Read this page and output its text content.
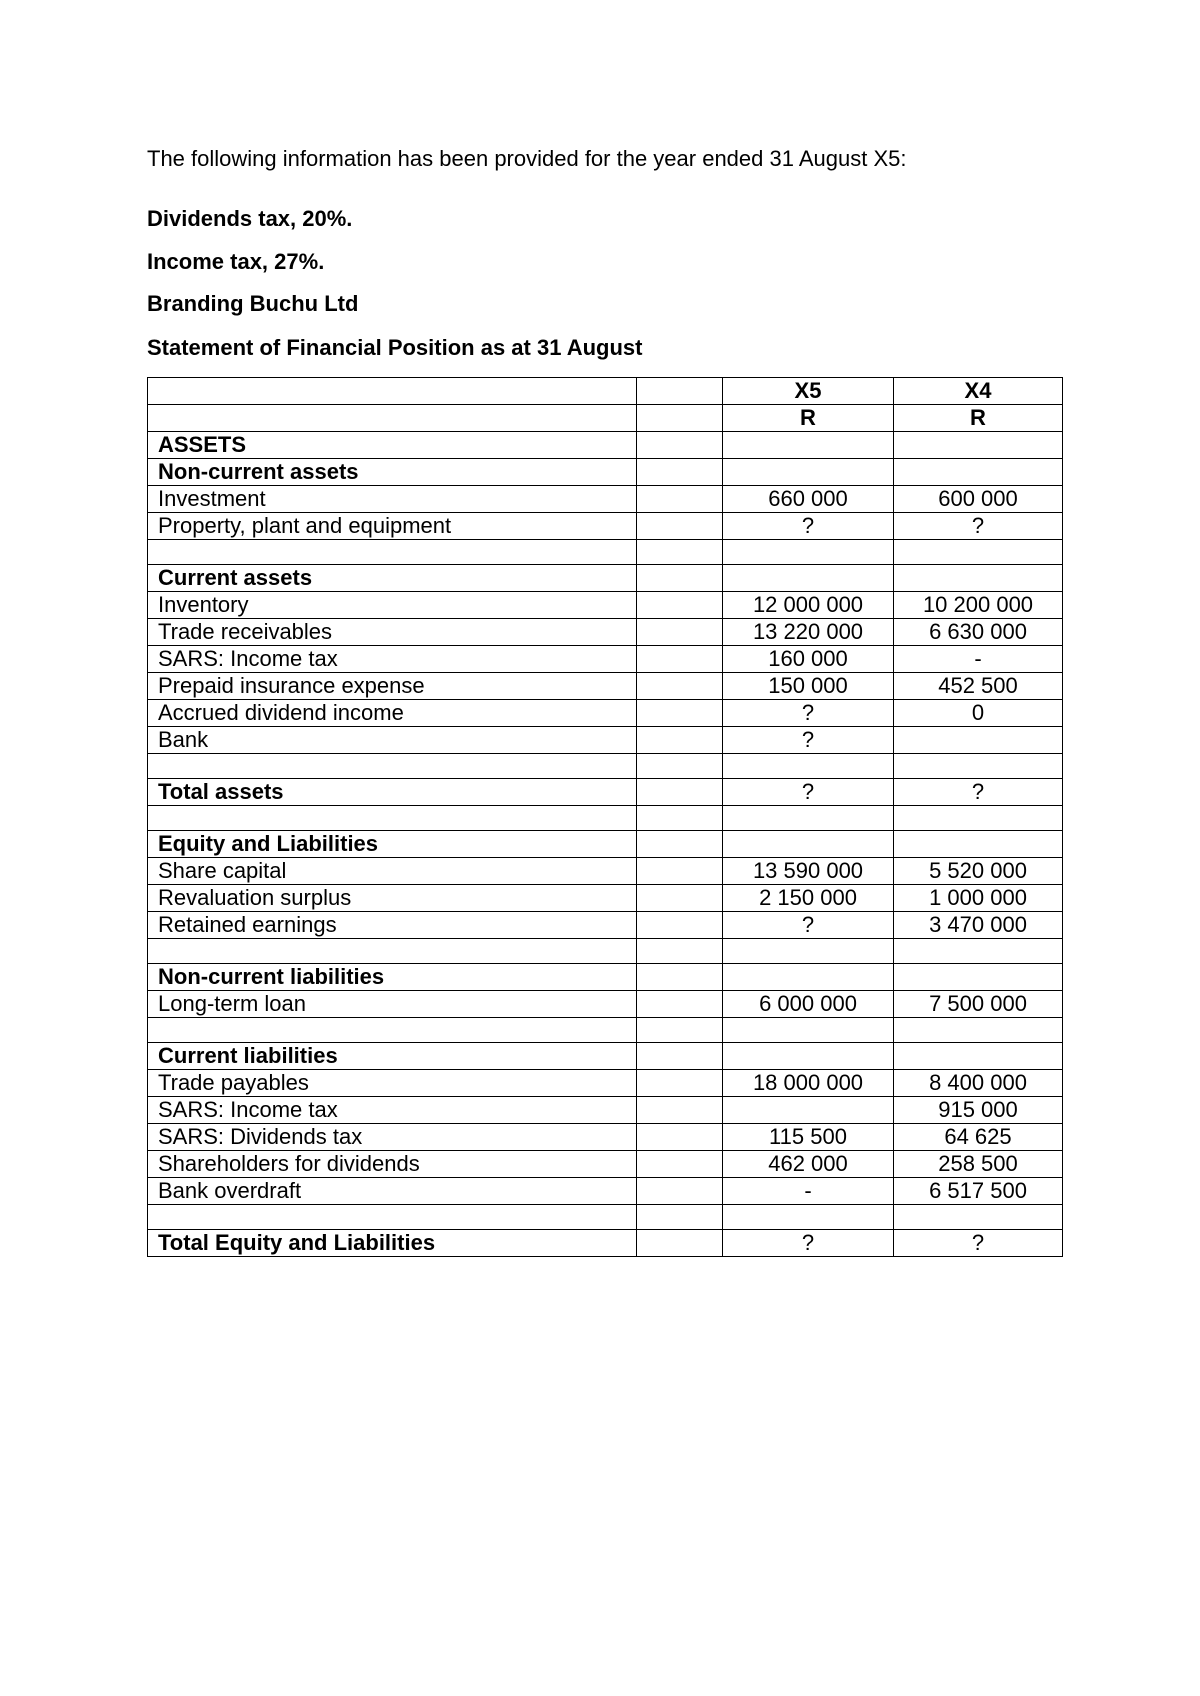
The following information has been provided for the year ended 31 August X5:

Dividends tax, 20%.

Income tax, 27%.

Branding Buchu Ltd

Statement of Financial Position as at 31 August

		X5	X4
		R	R
ASSETS			
Non-current assets			
Investment		660 000	600 000
Property, plant and equipment		?	?

Current assets			
Inventory		12 000 000	10 200 000
Trade receivables		13 220 000	6 630 000
SARS: Income tax		160 000	-
Prepaid insurance expense		150 000	452 500
Accrued dividend income		?	0
Bank		?	

Total assets		?	?

Equity and Liabilities			
Share capital		13 590 000	5 520 000
Revaluation surplus		2 150 000	1 000 000
Retained earnings		?	3 470 000

Non-current liabilities			
Long-term loan		6 000 000	7 500 000

Current liabilities			
Trade payables		18 000 000	8 400 000
SARS: Income tax			915 000
SARS: Dividends tax		115 500	64 625
Shareholders for dividends		462 000	258 500
Bank overdraft		-	6 517 500

Total Equity and Liabilities		?	?
